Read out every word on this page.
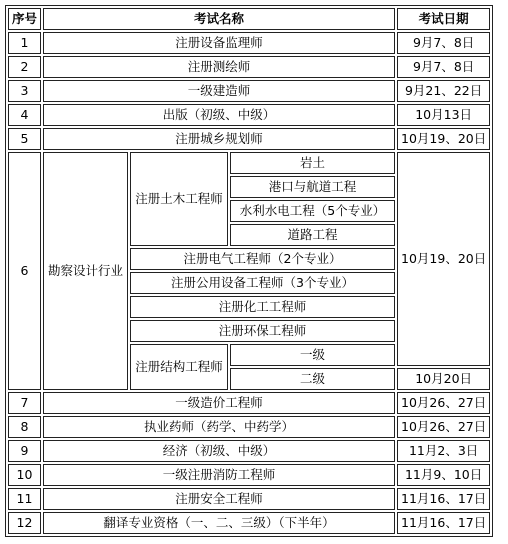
序号	考试名称			考试日期
1	注册设备监理师			9月7、8日
2	注册测绘师			9月7、8日
3	一级建造师			9月21、22日
4	出版（初级、中级）			10月13日
5	注册城乡规划师			10月19、20日
6	勘察设计行业	注册土木工程师	岩土	10月19、20日
			港口与航道工程	
			水利水电工程（5个专业）	
			道路工程	
		注册电气工程师（2个专业）		
		注册公用设备工程师（3个专业）		
		注册化工工程师		
		注册环保工程师		
		注册结构工程师	一级	
			二级	10月20日
7	一级造价工程师			10月26、27日
8	执业药师（药学、中药学）			10月26、27日
9	经济（初级、中级）			11月2、3日
10	一级注册消防工程师			11月9、10日
11	注册安全工程师			11月16、17日
12	翻译专业资格（一、二、三级）（下半年）			11月16、17日
